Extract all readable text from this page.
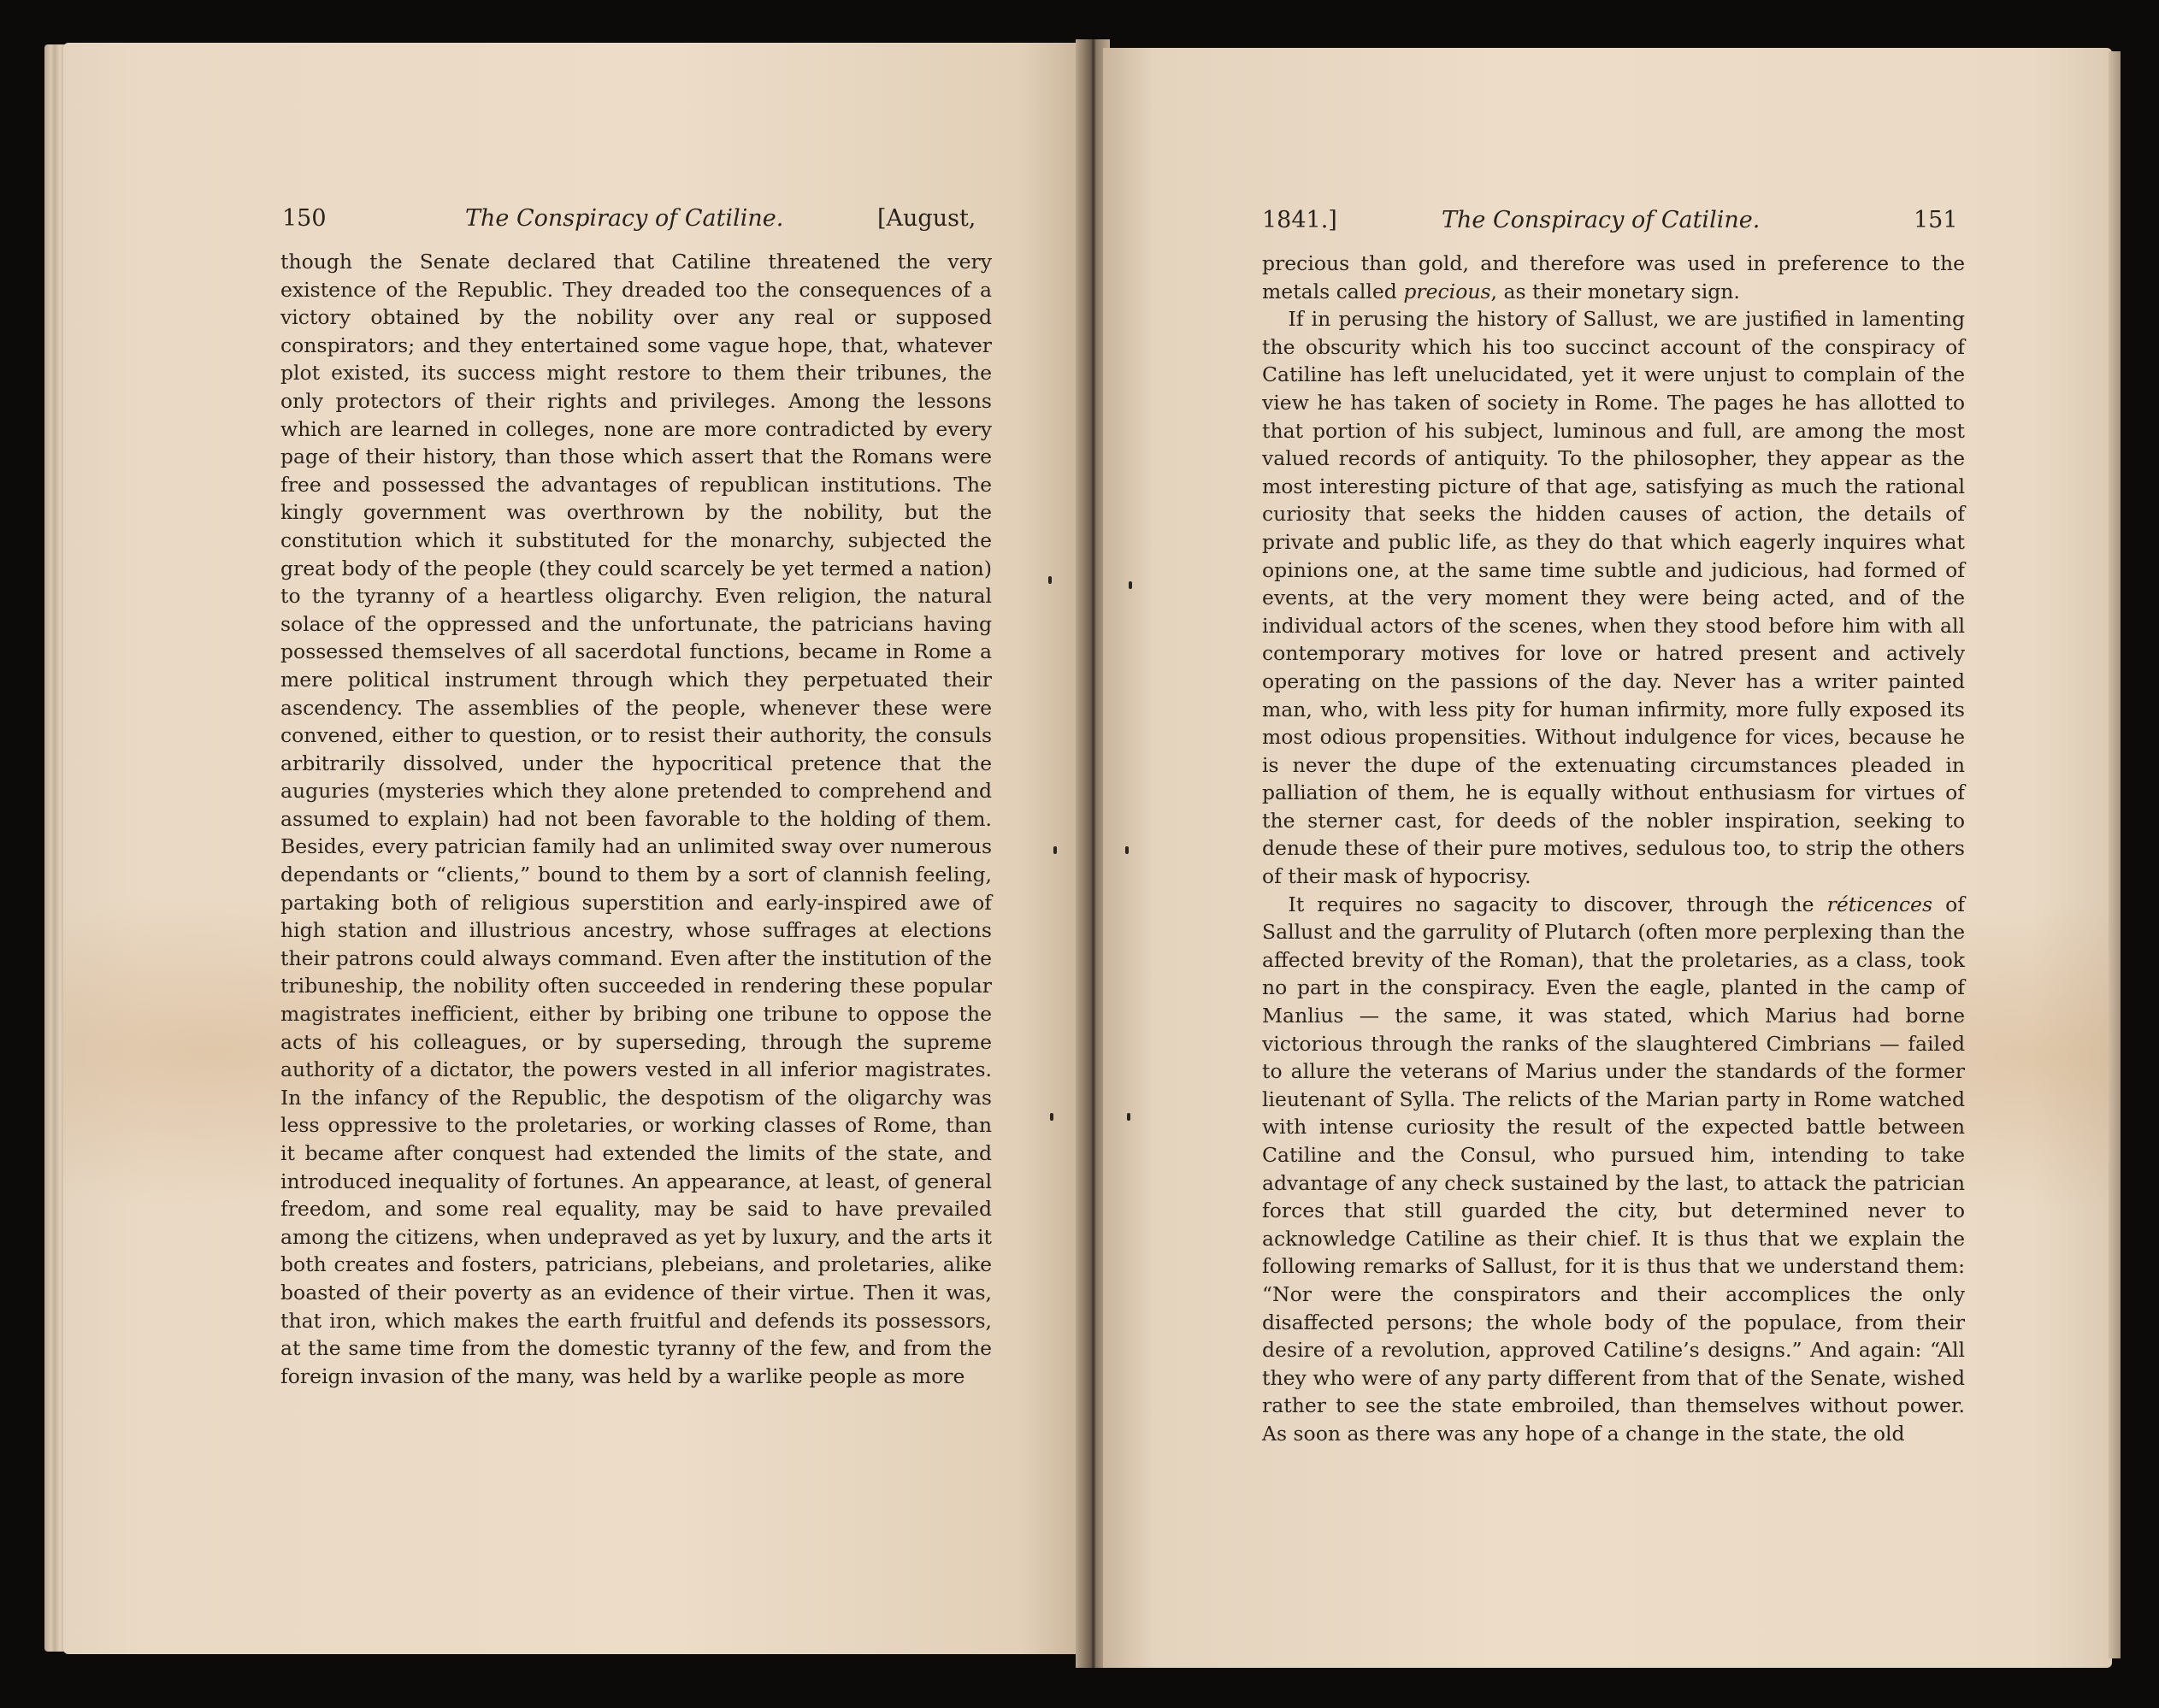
150	The Conspiracy of Catiline.	[August,

though the Senate declared that Catiline threatened the very existence of the Republic. They dreaded too the consequences of a victory obtained by the nobility over any real or supposed conspirators; and they entertained some vague hope, that, whatever plot existed, its success might restore to them their tribunes, the only protectors of their rights and privileges. Among the lessons which are learned in colleges, none are more contradicted by every page of their history, than those which assert that the Romans were free and possessed the advantages of republican institutions. The kingly government was overthrown by the nobility, but the constitution which it substituted for the monarchy, subjected the great body of the people (they could scarcely be yet termed a nation) to the tyranny of a heartless oligarchy. Even religion, the natural solace of the oppressed and the unfortunate, the patricians having possessed themselves of all sacerdotal functions, became in Rome a mere political instrument through which they perpetuated their ascendency. The assemblies of the people, whenever these were convened, either to question, or to resist their authority, the consuls arbitrarily dissolved, under the hypocritical pretence that the auguries (mysteries which they alone pretended to comprehend and assumed to explain) had not been favorable to the holding of them. Besides, every patrician family had an unlimited sway over numerous dependants or “clients,” bound to them by a sort of clannish feeling, partaking both of religious superstition and early-inspired awe of high station and illustrious ancestry, whose suffrages at elections their patrons could always command. Even after the institution of the tribuneship, the nobility often succeeded in rendering these popular magistrates inefficient, either by bribing one tribune to oppose the acts of his colleagues, or by superseding, through the supreme authority of a dictator, the powers vested in all inferior magistrates. In the infancy of the Republic, the despotism of the oligarchy was less oppressive to the proletaries, or working classes of Rome, than it became after conquest had extended the limits of the state, and introduced inequality of fortunes. An appearance, at least, of general freedom, and some real equality, may be said to have prevailed among the citizens, when undepraved as yet by luxury, and the arts it both creates and fosters, patricians, plebeians, and proletaries, alike boasted of their poverty as an evidence of their virtue. Then it was, that iron, which makes the earth fruitful and defends its possessors, at the same time from the domestic tyranny of the few, and from the foreign invasion of the many, was held by a warlike people as more

1841.]	The Conspiracy of Catiline.	151

precious than gold, and therefore was used in preference to the metals called precious, as their monetary sign.

If in perusing the history of Sallust, we are justified in lamenting the obscurity which his too succinct account of the conspiracy of Catiline has left unelucidated, yet it were unjust to complain of the view he has taken of society in Rome. The pages he has allotted to that portion of his subject, luminous and full, are among the most valued records of antiquity. To the philosopher, they appear as the most interesting picture of that age, satisfying as much the rational curiosity that seeks the hidden causes of action, the details of private and public life, as they do that which eagerly inquires what opinions one, at the same time subtle and judicious, had formed of events, at the very moment they were being acted, and of the individual actors of the scenes, when they stood before him with all contemporary motives for love or hatred present and actively operating on the passions of the day. Never has a writer painted man, who, with less pity for human infirmity, more fully exposed its most odious propensities. Without indulgence for vices, because he is never the dupe of the extenuating circumstances pleaded in palliation of them, he is equally without enthusiasm for virtues of the sterner cast, for deeds of the nobler inspiration, seeking to denude these of their pure motives, sedulous too, to strip the others of their mask of hypocrisy.

It requires no sagacity to discover, through the réticences of Sallust and the garrulity of Plutarch (often more perplexing than the affected brevity of the Roman), that the proletaries, as a class, took no part in the conspiracy. Even the eagle, planted in the camp of Manlius — the same, it was stated, which Marius had borne victorious through the ranks of the slaughtered Cimbrians — failed to allure the veterans of Marius under the standards of the former lieutenant of Sylla. The relicts of the Marian party in Rome watched with intense curiosity the result of the expected battle between Catiline and the Consul, who pursued him, intending to take advantage of any check sustained by the last, to attack the patrician forces that still guarded the city, but determined never to acknowledge Catiline as their chief. It is thus that we explain the following remarks of Sallust, for it is thus that we understand them: “Nor were the conspirators and their accomplices the only disaffected persons; the whole body of the populace, from their desire of a revolution, approved Catiline’s designs.” And again: “All they who were of any party different from that of the Senate, wished rather to see the state embroiled, than themselves without power. As soon as there was any hope of a change in the state, the old
